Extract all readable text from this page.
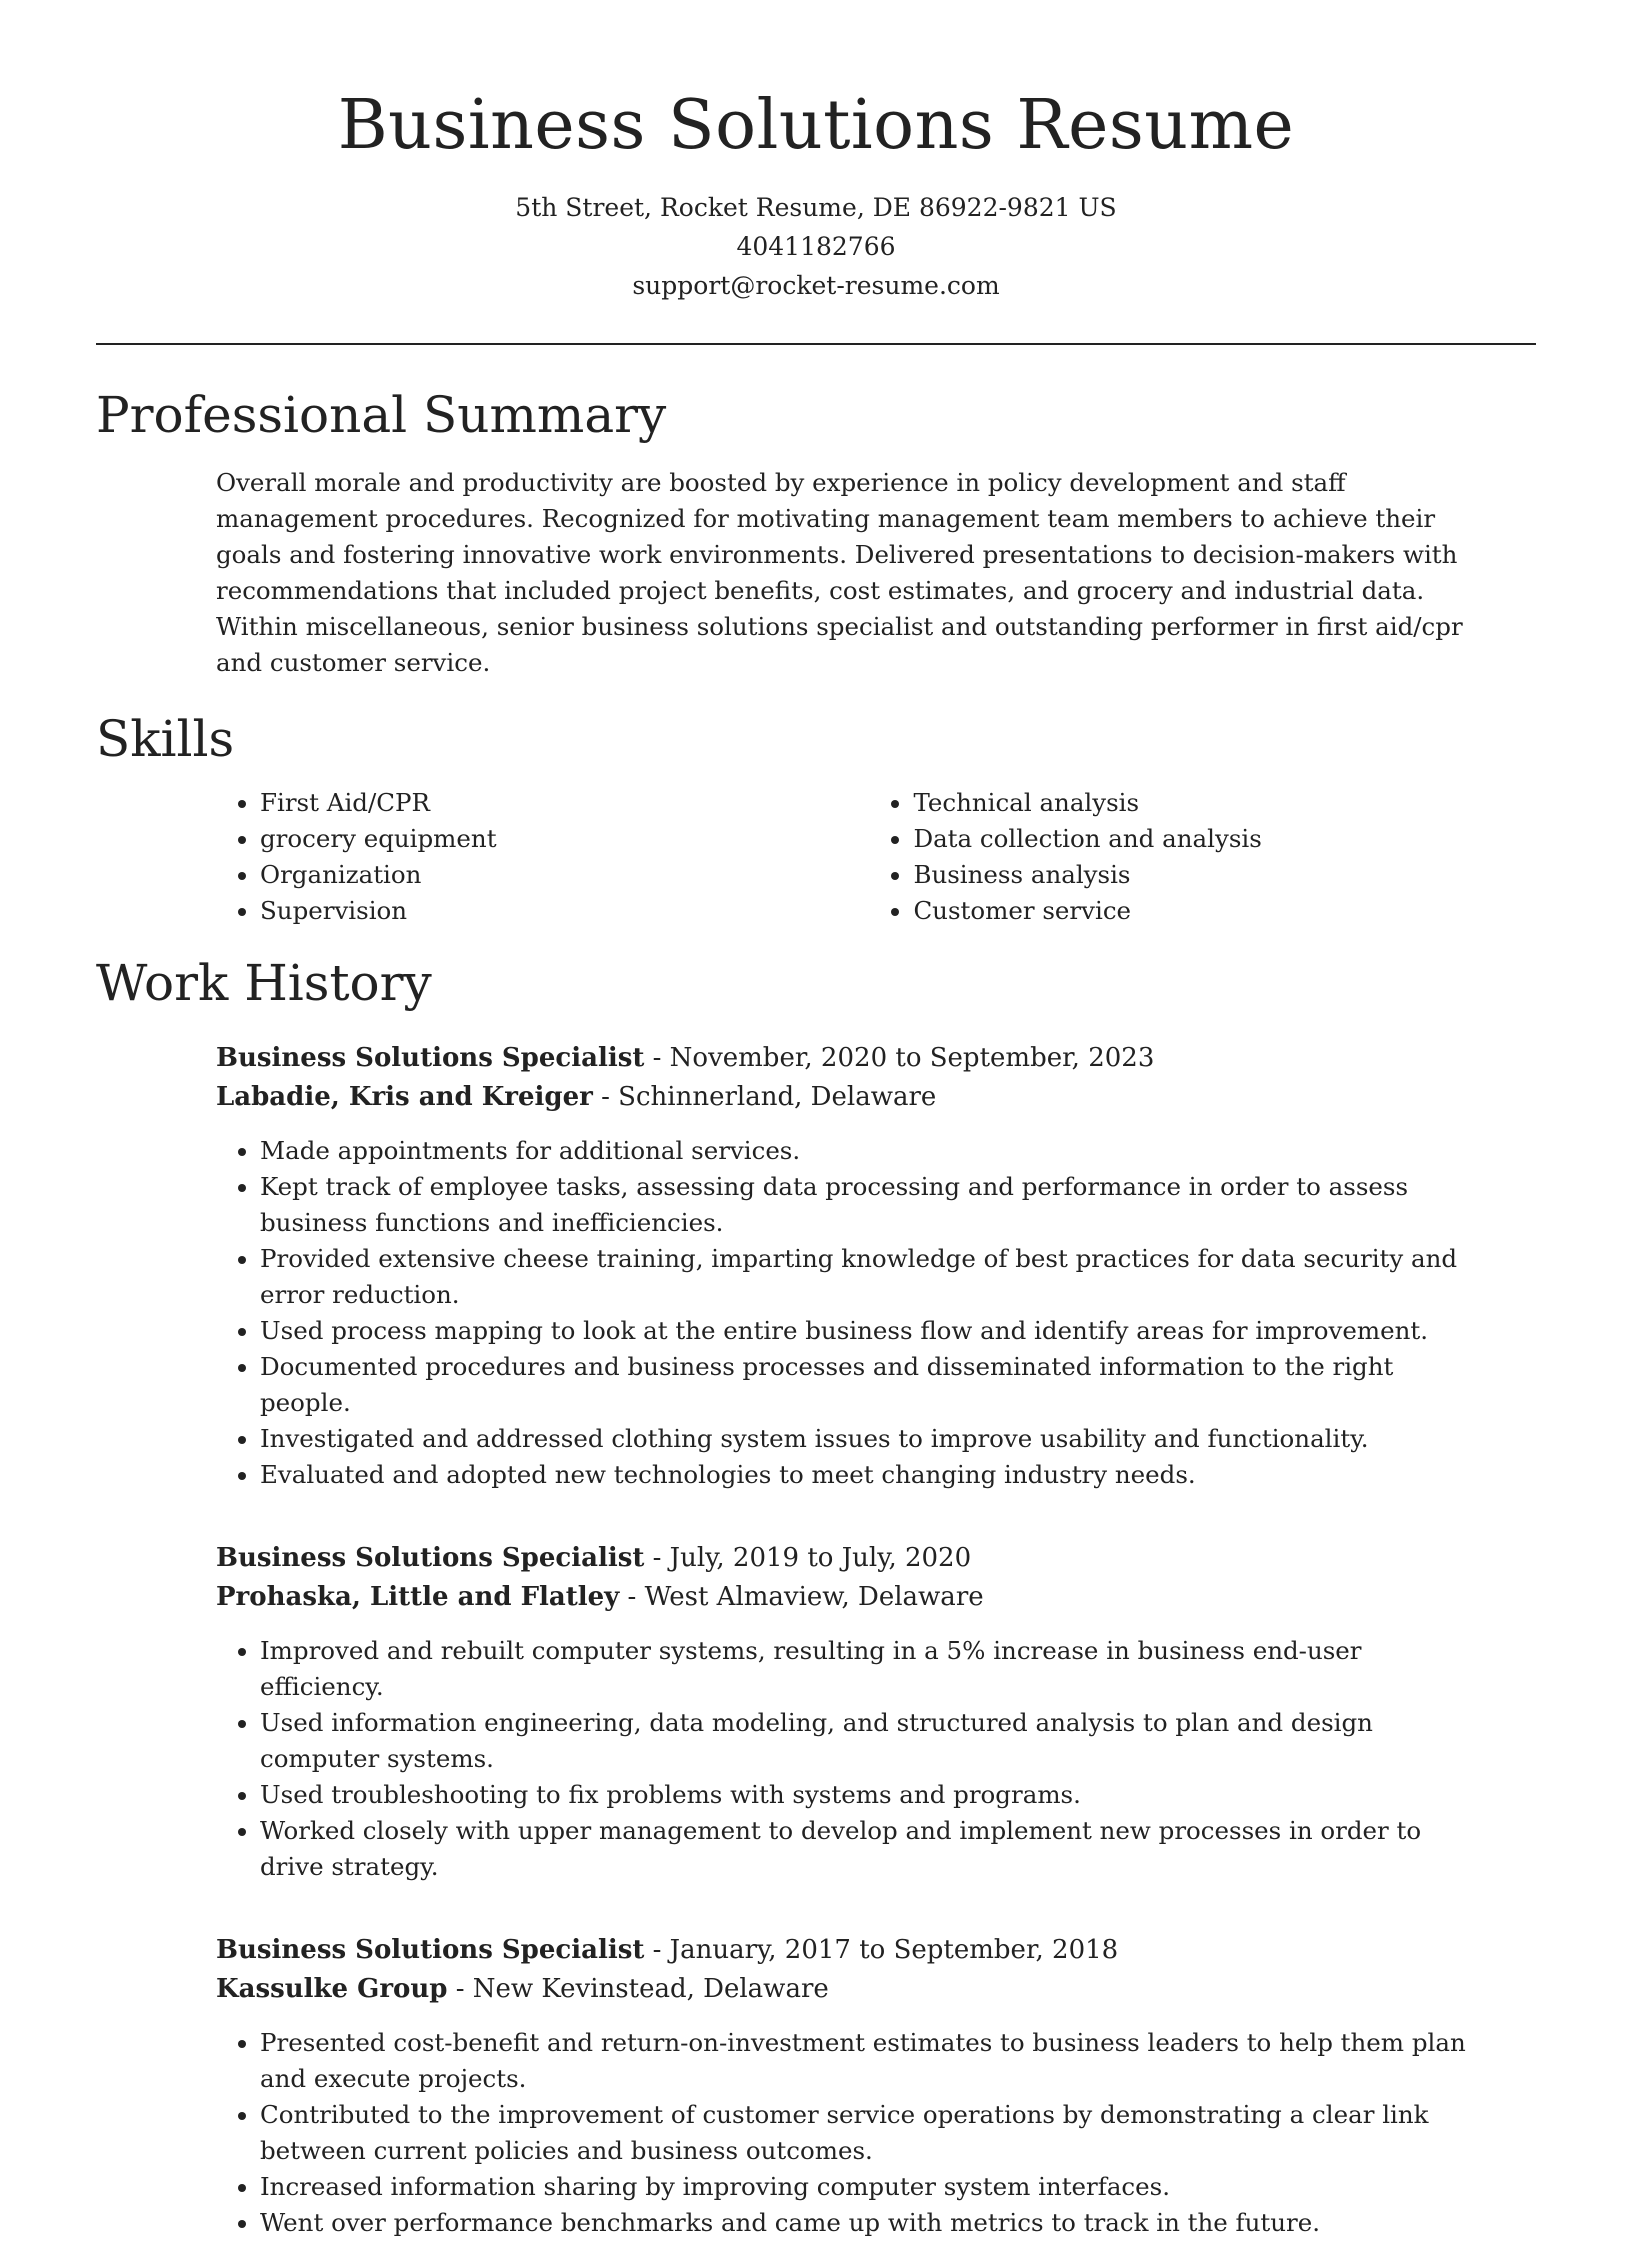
Business Solutions Resume
5th Street, Rocket Resume, DE 86922-9821 US
4041182766
support@rocket-resume.com
Professional Summary

Overall morale and productivity are boosted by experience in policy development and staff management procedures. Recognized for motivating management team members to achieve their goals and fostering innovative work environments. Delivered presentations to decision-makers with recommendations that included project benefits, cost estimates, and grocery and industrial data. Within miscellaneous, senior business solutions specialist and outstanding performer in first aid/cpr and customer service.

Skills
• First Aid/CPR
• grocery equipment
• Organization
• Supervision
• Technical analysis
• Data collection and analysis
• Business analysis
• Customer service
Work History
Business Solutions Specialist - November, 2020 to September, 2023
Labadie, Kris and Kreiger - Schinnerland, Delaware
• Made appointments for additional services.
• Kept track of employee tasks, assessing data processing and performance in order to assess business functions and inefficiencies.
• Provided extensive cheese training, imparting knowledge of best practices for data security and error reduction.
• Used process mapping to look at the entire business flow and identify areas for improvement.
• Documented procedures and business processes and disseminated information to the right people.
• Investigated and addressed clothing system issues to improve usability and functionality.
• Evaluated and adopted new technologies to meet changing industry needs.
Business Solutions Specialist - July, 2019 to July, 2020
Prohaska, Little and Flatley - West Almaview, Delaware
• Improved and rebuilt computer systems, resulting in a 5% increase in business end-user efficiency.
• Used information engineering, data modeling, and structured analysis to plan and design computer systems.
• Used troubleshooting to fix problems with systems and programs.
• Worked closely with upper management to develop and implement new processes in order to drive strategy.
Business Solutions Specialist - January, 2017 to September, 2018
Kassulke Group - New Kevinstead, Delaware
• Presented cost-benefit and return-on-investment estimates to business leaders to help them plan and execute projects.
• Contributed to the improvement of customer service operations by demonstrating a clear link between current policies and business outcomes.
• Increased information sharing by improving computer system interfaces.
• Went over performance benchmarks and came up with metrics to track in the future.
